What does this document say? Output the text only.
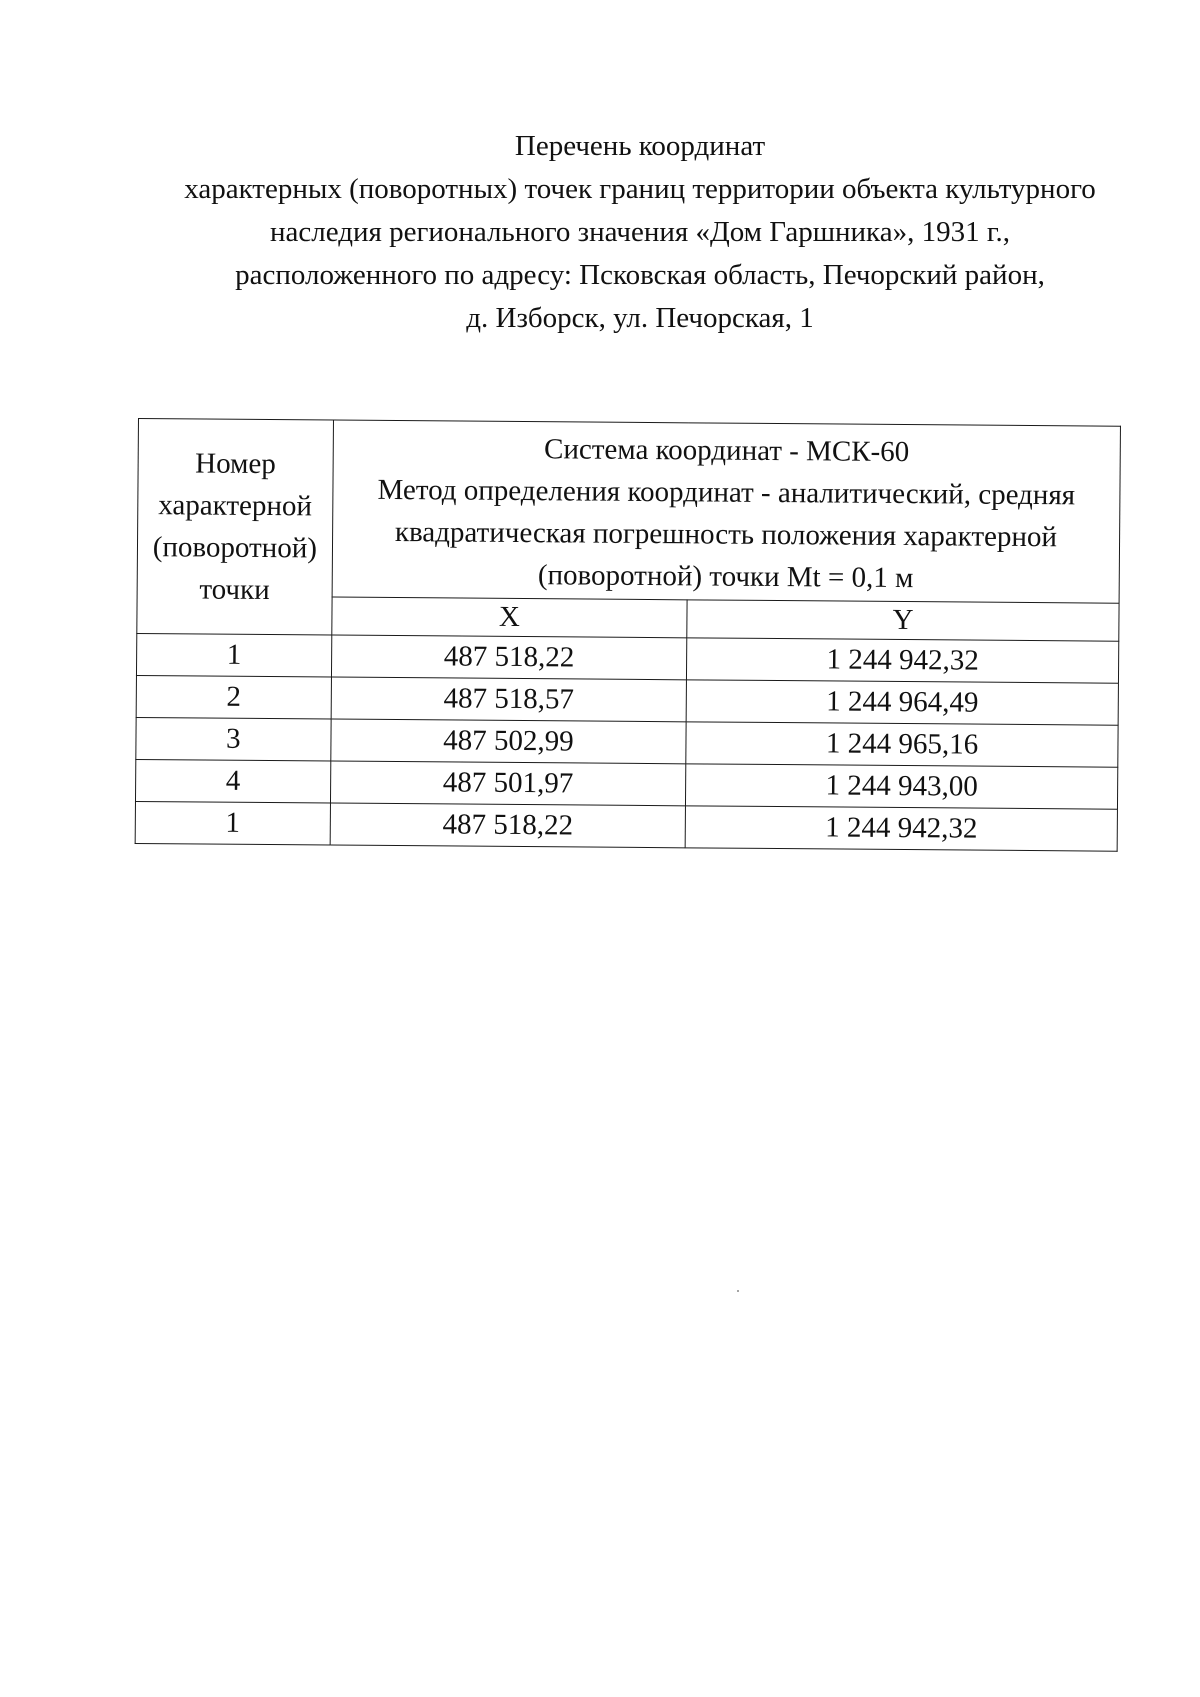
Перечень координат
характерных (поворотных) точек границ территории объекта культурного
наследия регионального значения «Дом Гаршника», 1931 г.,
расположенного по адресу: Псковская область, Печорский район,
д. Изборск, ул. Печорская, 1
Номер
характерной
(поворотной)
точки	Система координат - МСК-60
Метод определения координат - аналитический, средняя
квадратическая погрешность положения характерной
(поворотной) точки Mt = 0,1 м	

	X	Y
1	487 518,22	1 244 942,32
2	487 518,57	1 244 964,49
3	487 502,99	1 244 965,16
4	487 501,97	1 244 943,00
1	487 518,22	1 244 942,32
